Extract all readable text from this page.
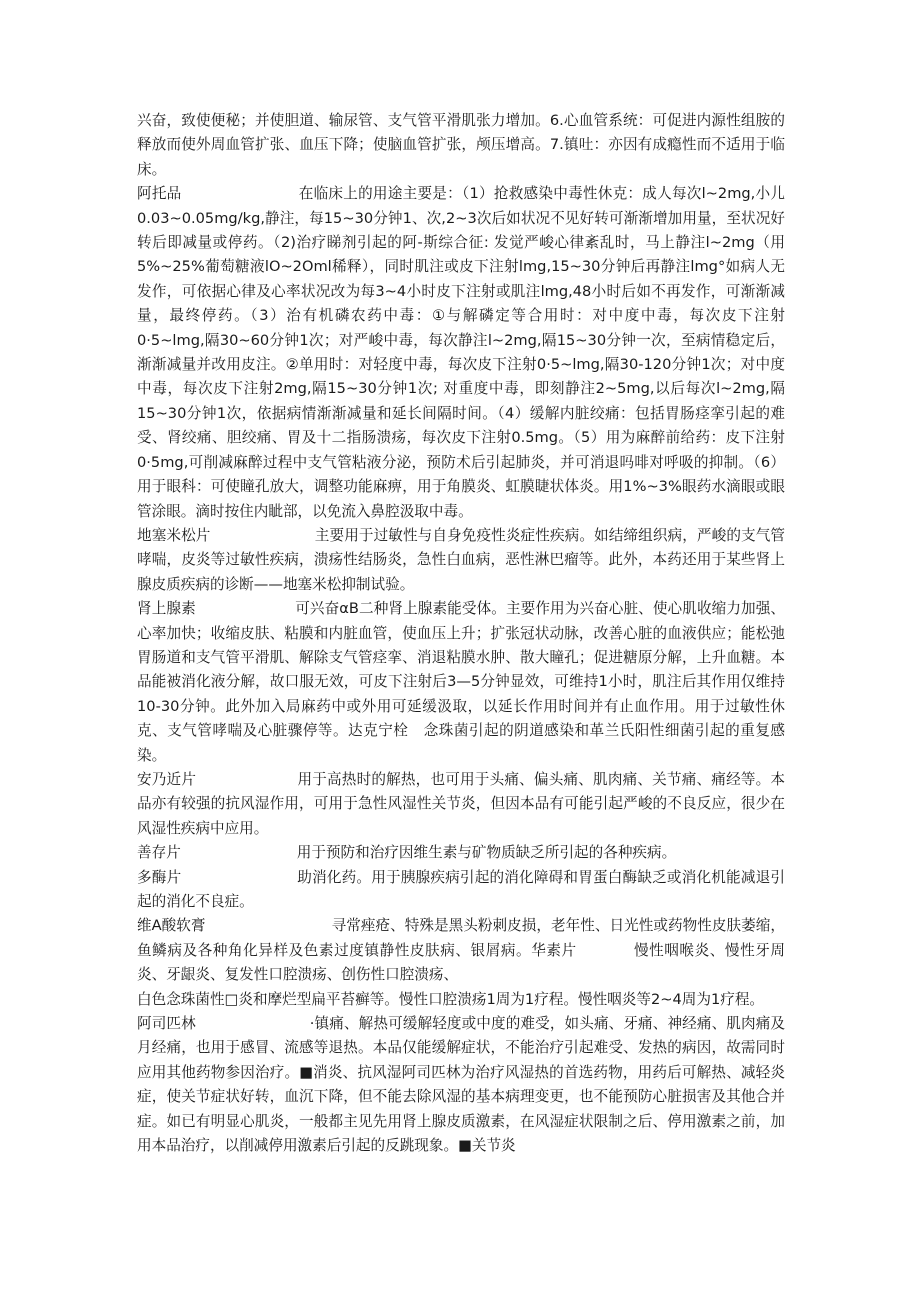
兴奋，致使便秘；并使胆道、输尿管、支气管平滑肌张力增加。6.心血管系统：可促进内源性组胺的释放而使外周血管扩张、血压下降；使脑血管扩张，颅压增高。7.镇吐：亦因有成瘾性而不适用于临床。

阿托品                        在临床上的用途主要是：（1）抢救感染中毒性休克：成人每次l~2mg,小儿0.03~0.05mg/kg,静注，每15~30分钟1、次,2~3次后如状况不见好转可渐渐增加用量，至状况好转后即减量或停药。（2)治疗睇剂引起的阿-斯综合征: 发觉严峻心律紊乱时，马上静注l~2mg（用5%~25%葡萄糖液lO~2Oml稀释），同时肌注或皮下注射lmg,15~30分钟后再静注lmg°如病人无发作，可依据心律及心率状况改为每3~4小时皮下注射或肌注lmg,48小时后如不再发作，可渐渐减量，最终停药。（3）治有机磷农药中毒：①与解磷定等合用时：对中度中毒，每次皮下注射0·5~lmg,隔30~60分钟1次；对严峻中毒，每次静注l~2mg,隔15~30分钟一次，至病情稳定后，渐渐减量并改用皮注。②单用时：对轻度中毒，每次皮下注射0·5~lmg,隔30-120分钟1次；对中度中毒，每次皮下注射2mg,隔15~30分钟1次; 对重度中毒，即刻静注2~5mg,以后每次l~2mg,隔15~30分钟1次，依据病情渐渐减量和延长间隔时间。（4）缓解内脏绞痛：包括胃肠痉挛引起的难受、肾绞痛、胆绞痛、胃及十二指肠溃疡，每次皮下注射0.5mg。（5）用为麻醉前给药：皮下注射0·5mg,可削减麻醉过程中支气管粘液分泌，预防术后引起肺炎，并可消退吗啡对呼吸的抑制。（6）用于眼科：可使瞳孔放大，调整功能麻痹，用于角膜炎、虹膜睫状体炎。用1%~3%眼药水滴眼或眼管涂眼。滴时按住内眦部，以免流入鼻腔汲取中毒。

地塞米松片                      主要用于过敏性与自身免疫性炎症性疾病。如结缔组织病，严峻的支气管哮喘，皮炎等过敏性疾病，溃疡性结肠炎，急性白血病，恶性淋巴瘤等。此外，本药还用于某些肾上腺皮质疾病的诊断——地塞米松抑制试验。

肾上腺素                     可兴奋αB二种肾上腺素能受体。主要作用为兴奋心脏、使心肌收缩力加强、心率加快；收缩皮肤、粘膜和内脏血管，使血压上升；扩张冠状动脉，改善心脏的血液供应；能松弛胃肠道和支气管平滑肌、解除支气管痉挛、消退粘膜水肿、散大瞳孔；促进糖原分解，上升血糖。本品能被消化液分解，故口服无效，可皮下注射后3—5分钟显效，可维持1小时，肌注后其作用仅维持10-30分钟。此外加入局麻药中或外用可延缓汲取，以延长作用时间并有止血作用。用于过敏性休克、支气管哮喘及心脏骤停等。达克宁栓   念珠菌引起的阴道感染和革兰氏阳性细菌引起的重复感染。

安乃近片                     用于高热时的解热，也可用于头痛、偏头痛、肌肉痛、关节痛、痛经等。本品亦有较强的抗风湿作用，可用于急性风湿性关节炎，但因本品有可能引起严峻的不良反应，很少在风湿性疾病中应用。

善存片                         用于预防和治疗因维生素与矿物质缺乏所引起的各种疾病。

多酶片                        助消化药。用于胰腺疾病引起的消化障碍和胃蛋白酶缺乏或消化机能减退引起的消化不良症。

维A酸软膏                           寻常痤疮、特殊是黑头粉刺皮损，老年性、日光性或药物性皮肤萎缩，鱼鳞病及各种角化异样及色素过度镇静性皮肤病、银屑病。华素片           慢性咽喉炎、慢性牙周炎、牙龈炎、复发性口腔溃疡、创伤性口腔溃疡、

白色念珠菌性□炎和摩烂型扁平苔癣等。慢性口腔溃疡1周为1疗程。慢性咽炎等2~4周为1疗程。

阿司匹林                        ·镇痛、解热可缓解轻度或中度的难受，如头痛、牙痛、神经痛、肌肉痛及月经痛，也用于感冒、流感等退热。本品仅能缓解症状，不能治疗引起难受、发热的病因，故需同时应用其他药物参因治疗。■消炎、抗风湿阿司匹林为治疗风湿热的首选药物，用药后可解热、减轻炎症，使关节症状好转，血沉下降，但不能去除风湿的基本病理变更，也不能预防心脏损害及其他合并症。如已有明显心肌炎，一般都主见先用肾上腺皮质激素，在风湿症状限制之后、停用激素之前，加用本品治疗，以削减停用激素后引起的反跳现象。■关节炎
